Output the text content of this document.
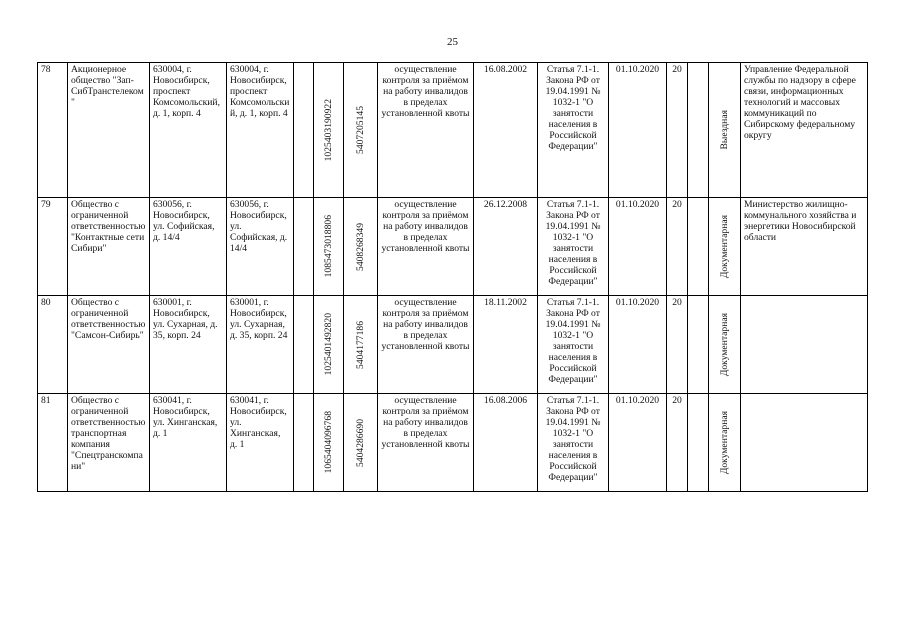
25
78	Акционерное общество "Зап-СибТранстелеком"	630004, г. Новосибирск, проспект Комсомольский, д. 1, корп. 4	630004, г. Новосибирск, проспект Комсомольский, д. 1, корп. 4		1025403190922	5407205145	осуществление контроля за приёмом на работу инвалидов в пределах установленной квоты	16.08.2002	Статья 7.1-1. Закона РФ от 19.04.1991 № 1032-1 "О занятости населения в Российской Федерации"	01.10.2020	20		Выездная	Управление Федеральной службы по надзору в сфере связи, информационных технологий и массовых коммуникаций по Сибирскому федеральному округу
79	Общество с ограниченной ответственностью "Контактные сети Сибири"	630056, г. Новосибирск, ул. Софийская, д. 14/4	630056, г. Новосибирск, ул. Софийская, д. 14/4		1085473018806	5408268349	осуществление контроля за приёмом на работу инвалидов в пределах установленной квоты	26.12.2008	Статья 7.1-1. Закона РФ от 19.04.1991 № 1032-1 "О занятости населения в Российской Федерации"	01.10.2020	20		Документарная	Министерство жилищно-коммунального хозяйства и энергетики Новосибирской области
80	Общество с ограниченной ответственностью "Самсон-Сибирь"	630001, г. Новосибирск, ул. Сухарная, д. 35, корп. 24	630001, г. Новосибирск, ул. Сухарная, д. 35, корп. 24		1025401492820	5404177186	осуществление контроля за приёмом на работу инвалидов в пределах установленной квоты	18.11.2002	Статья 7.1-1. Закона РФ от 19.04.1991 № 1032-1 "О занятости населения в Российской Федерации"	01.10.2020	20		Документарная	

81	Общество с ограниченной ответственностью транспортная компания "Спецтранскомпани"	630041, г. Новосибирск, ул. Хинганская, д. 1	630041, г. Новосибирск, ул. Хинганская, д. 1		1065404096768	5404286690	осуществление контроля за приёмом на работу инвалидов в пределах установленной квоты	16.08.2006	Статья 7.1-1. Закона РФ от 19.04.1991 № 1032-1 "О занятости населения в Российской Федерации"	01.10.2020	20		Документарная	
